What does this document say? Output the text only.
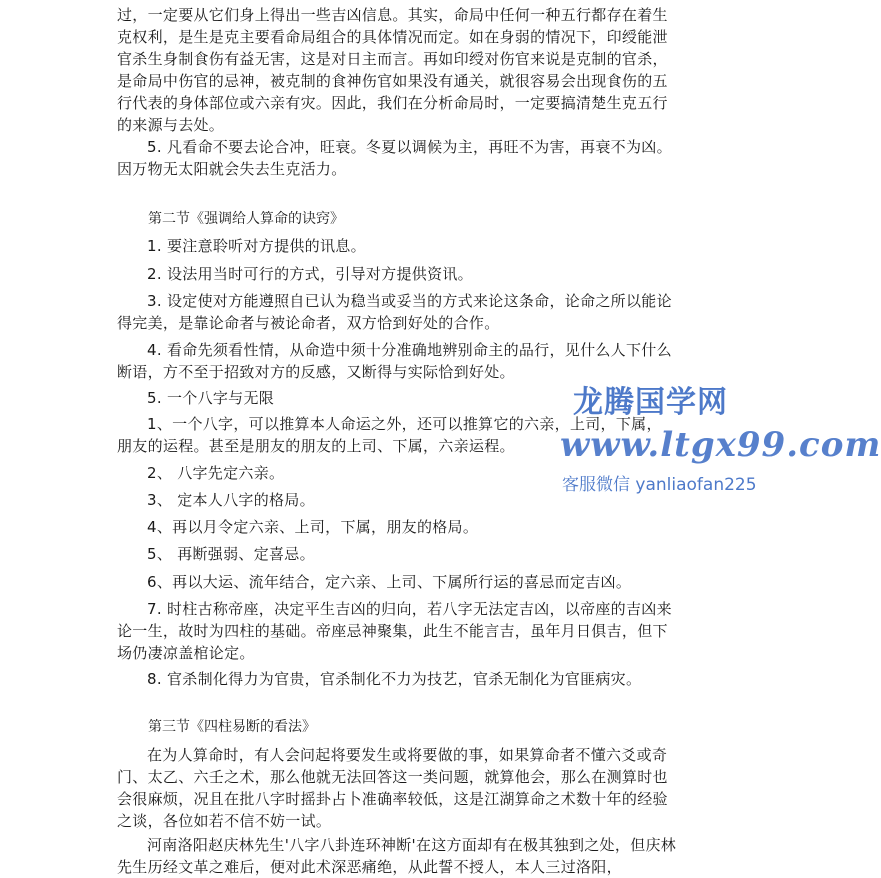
过，一定要从它们身上得出一些吉凶信息。其实，命局中任何一种五行都存在着生克权利，是生是克主要看命局组合的具体情况而定。如在身弱的情况下，印绶能泄官杀生身制食伤有益无害，这是对日主而言。再如印绶对伤官来说是克制的官杀，是命局中伤官的忌神，被克制的食神伤官如果没有通关，就很容易会出现食伤的五行代表的身体部位或六亲有灾。因此，我们在分析命局时，一定要搞清楚生克五行的来源与去处。

5. 凡看命不要去论合冲，旺衰。冬夏以调候为主，再旺不为害，再衰不为凶。因万物无太阳就会失去生克活力。

第二节《强调给人算命的诀窍》

1. 要注意聆听对方提供的讯息。

2. 设法用当时可行的方式，引导对方提供资讯。

3. 设定使对方能遵照自已认为稳当或妥当的方式来论这条命，论命之所以能论得完美，是靠论命者与被论命者，双方恰到好处的合作。

4. 看命先须看性情，从命造中须十分准确地辨别命主的品行，见什么人下什么断语，方不至于招致对方的反感，又断得与实际恰到好处。

5. 一个八字与无限

1、一个八字，可以推算本人命运之外，还可以推算它的六亲，上司，下属，朋友的运程。甚至是朋友的朋友的上司、下属，六亲运程。

2、 八字先定六亲。

3、 定本人八字的格局。

4、再以月令定六亲、上司，下属，朋友的格局。

5、 再断强弱、定喜忌。

6、再以大运、流年结合，定六亲、上司、下属所行运的喜忌而定吉凶。

7. 时柱古称帝座，决定平生吉凶的归向，若八字无法定吉凶，以帝座的吉凶来论一生，故时为四柱的基础。帝座忌神聚集，此生不能言吉，虽年月日俱吉，但下场仍凄凉盖棺论定。

8. 官杀制化得力为官贵，官杀制化不力为技艺，官杀无制化为官匪病灾。

第三节《四柱易断的看法》

在为人算命时，有人会问起将要发生或将要做的事，如果算命者不懂六爻或奇门、太乙、六壬之术，那么他就无法回答这一类问题，就算他会，那么在测算时也会很麻烦，况且在批八字时摇卦占卜准确率较低，这是江湖算命之术数十年的经验之谈，各位如若不信不妨一试。

河南洛阳赵庆林先生'八字八卦连环神断'在这方面却有在极其独到之处，但庆林先生历经文革之难后，便对此术深恶痛绝，从此誓不授人，本人三过洛阳，

龙腾国学网
www.ltgx99.com
客服微信 yanliaofan225
